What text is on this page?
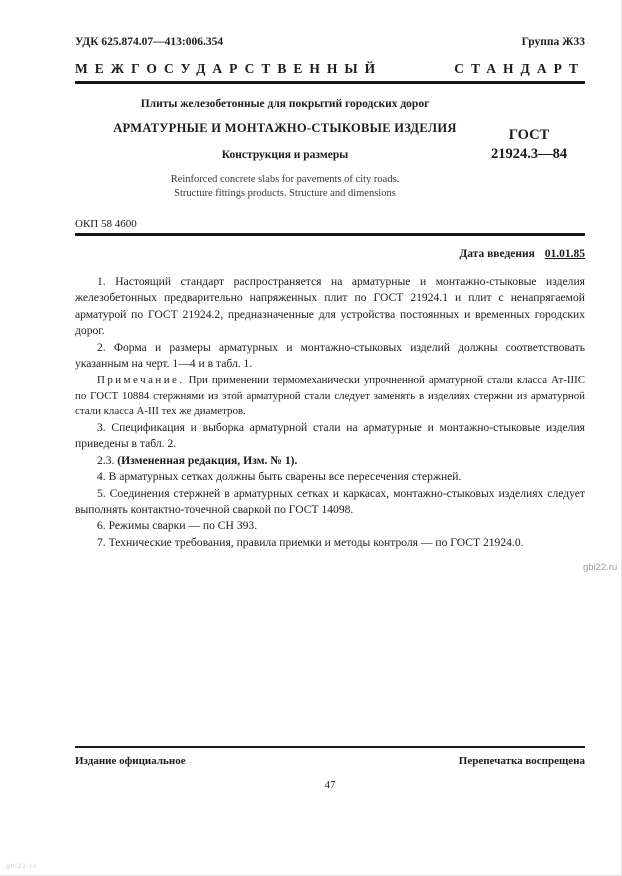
УДК 625.874.07—413:006.354	Группа Ж33
МЕЖГОСУДАРСТВЕННЫЙ	СТАНДАРТ
Плиты железобетонные для покрытий городских дорог
АРМАТУРНЫЕ И МОНТАЖНО-СТЫКОВЫЕ ИЗДЕЛИЯ
Конструкция и размеры
Reinforced concrete slabs for pavements of city roads.
Structure fittings products. Structure and dimensions
ГОСТ
21924.3—84
ОКП 58 4600
Дата введения 01.01.85

1. Настоящий стандарт распространяется на арматурные и монтажно-стыковые изделия железобетонных предварительно напряженных плит по ГОСТ 21924.1 и плит с ненапрягаемой арматурой по ГОСТ 21924.2, предназначенные для устройства постоянных и временных городских дорог.

2. Форма и размеры арматурных и монтажно-стыковых изделий должны соответствовать указанным на черт. 1—4 и в табл. 1.

Примечание. При применении термомеханически упрочненной арматурной стали класса Ат-IIIС по ГОСТ 10884 стержнями из этой арматурной стали следует заменять в изделиях стержни из арматурной стали класса А-III тех же диаметров.

3. Спецификация и выборка арматурной стали на арматурные и монтажно-стыковые изделия приведены в табл. 2.

2.3. (Измененная редакция, Изм. № 1).

4. В арматурных сетках должны быть сварены все пересечения стержней.

5. Соединения стержней в арматурных сетках и каркасах, монтажно-стыковых изделиях следует выполнять контактно-точечной сваркой по ГОСТ 14098.

6. Режимы сварки — по СН 393.

7. Технические требования, правила приемки и методы контроля — по ГОСТ 21924.0.

gbi22.ru
Издание официальное	Перепечатка воспрещена
47
gbi22.ru
